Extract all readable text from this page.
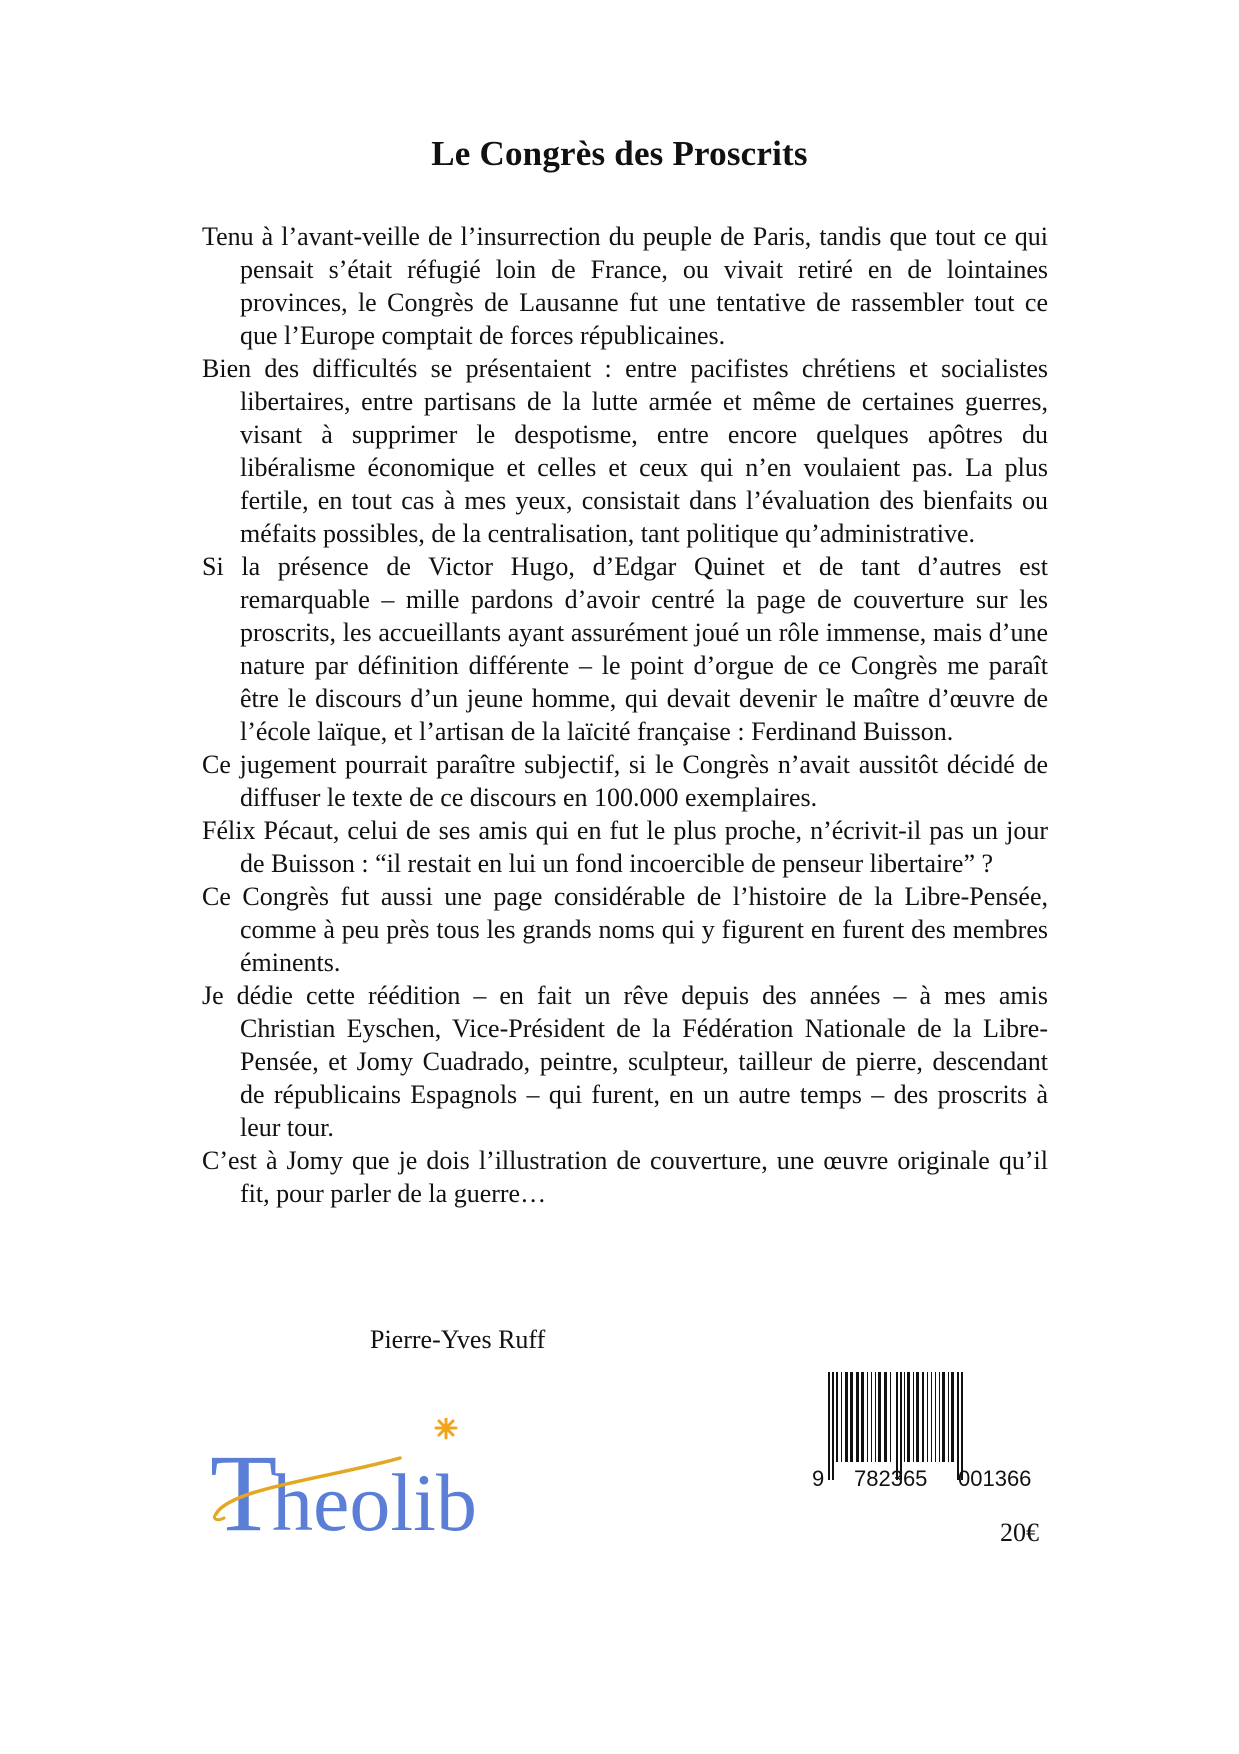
Le Congrès des Proscrits

Tenu à l’avant-veille de l’insurrection du peuple de Paris, tandis que tout ce qui pensait s’était réfugié loin de France, ou vivait retiré en de lointaines provinces, le Congrès de Lausanne fut une tentative de rassembler tout ce que l’Europe comptait de forces républicaines.

Bien des difficultés se présentaient : entre pacifistes chrétiens et socialistes libertaires, entre partisans de la lutte armée et même de certaines guerres, visant à supprimer le despotisme, entre encore quelques apôtres du libéralisme économique et celles et ceux qui n’en voulaient pas. La plus fertile, en tout cas à mes yeux, consistait dans l’évaluation des bienfaits ou méfaits possibles, de la centralisation, tant politique qu’administrative.

Si la présence de Victor Hugo, d’Edgar Quinet et de tant d’autres est remarquable – mille pardons d’avoir centré la page de couverture sur les proscrits, les accueillants ayant assurément joué un rôle immense, mais d’une nature par définition différente – le point d’orgue de ce Congrès me paraît être le discours d’un jeune homme, qui devait devenir le maître d’œuvre de l’école laïque, et l’artisan de la laïcité française : Ferdinand Buisson.

Ce jugement pourrait paraître subjectif, si le Congrès n’avait aussitôt décidé de diffuser le texte de ce discours en 100.000 exemplaires.

Félix Pécaut, celui de ses amis qui en fut le plus proche, n’écrivit-il pas un jour de Buisson : “il restait en lui un fond incoercible de penseur libertaire” ?

Ce Congrès fut aussi une page considérable de l’histoire de la Libre-Pensée, comme à peu près tous les grands noms qui y figurent en furent des membres éminents.

Je dédie cette réédition – en fait un rêve depuis des années – à mes amis Christian Eyschen, Vice-Président de la Fédération Nationale de la Libre-Pensée, et Jomy Cuadrado, peintre, sculpteur, tailleur de pierre, descendant de républicains Espagnols – qui furent, en un autre temps – des proscrits à leur tour.

C’est à Jomy que je dois l’illustration de couverture, une œuvre originale qu’il fit, pour parler de la guerre…

Pierre-Yves Ruff
T
heolib	9 782365 001366
20€
